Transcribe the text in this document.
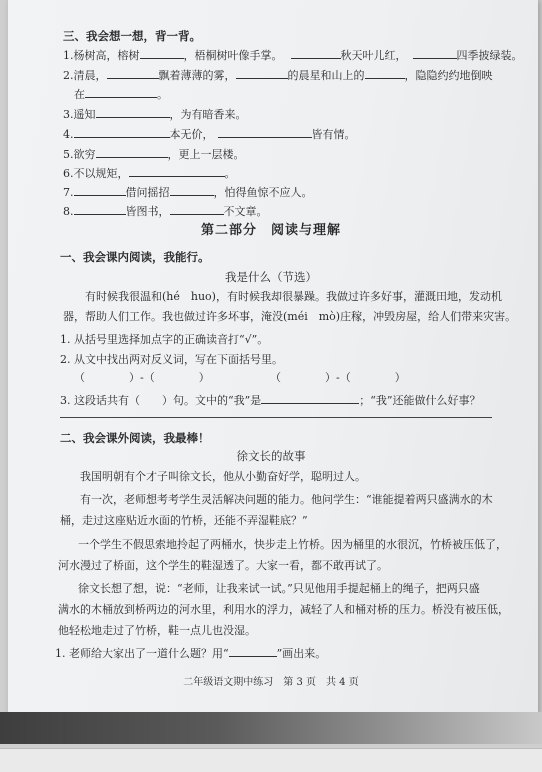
三、我会想一想，背一背。
1.杨树高，榕树	，梧桐树叶像手掌。	秋天叶儿红，	四季披绿装。
2.清晨，	飘着薄薄的雾，	的晨星和山上的	，隐隐约约地倒映
在	。
3.遥知	，为有暗香来。
4.	本无价，	皆有情。
5.欲穷	，更上一层楼。
6.不以规矩，	。
7.	借问摇招	，怕得鱼惊不应人。
8.	皆图书，	不文章。
第二部分　阅读与理解
一、我会课内阅读，我能行。
我是什么（节选）
有时候我很温和(hé　huo)，有时候我却很暴躁。我做过许多好事，灌溉田地，发动机
器，帮助人们工作。我也做过许多坏事，淹没(méi　mò)庄稼，冲毁房屋，给人们带来灾害。
1. 从括号里选择加点字的正确读音打“√”。
2. 从文中找出两对反义词，写在下面括号里。
（	）-（	）	（	）-（	）
3. 这段话共有（　　）句。文中的“我”是	；“我”还能做什么好事？
二、我会课外阅读，我最棒！
徐文长的故事
我国明朝有个才子叫徐文长，他从小勤奋好学，聪明过人。
有一次，老师想考考学生灵活解决问题的能力。他问学生：“谁能提着两只盛满水的木
桶，走过这座贴近水面的竹桥，还能不弄湿鞋底？”
一个学生不假思索地拎起了两桶水，快步走上竹桥。因为桶里的水很沉，竹桥被压低了，
河水漫过了桥面，这个学生的鞋湿透了。大家一看，都不敢再试了。
徐文长想了想，说：“老师，让我来试一试。”只见他用手提起桶上的绳子，把两只盛
满水的木桶放到桥两边的河水里，利用水的浮力，减轻了人和桶对桥的压力。桥没有被压低，
他轻松地走过了竹桥，鞋一点儿也没湿。
1. 老师给大家出了一道什么题？用“	”画出来。
二年级语文期中练习　第 3 页　共 4 页
